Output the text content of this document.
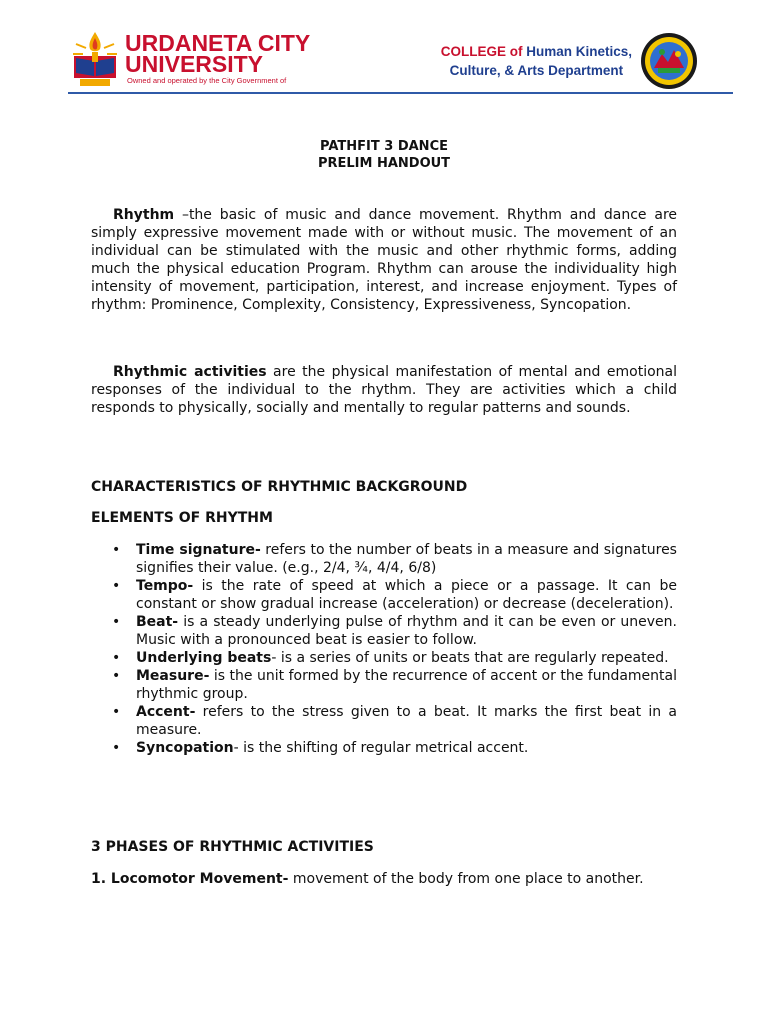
URDANETA CITY
UNIVERSITY
Owned and operated by the City Government of
COLLEGE of Human Kinetics,
Culture, & Arts Department
PATHFIT 3 DANCE
PRELIM HANDOUT

Rhythm –the basic of music and dance movement. Rhythm and dance are simply expressive movement made with or without music. The movement of an individual can be stimulated with the music and other rhythmic forms, adding much the physical education Program. Rhythm can arouse the individuality high intensity of movement, participation, interest, and increase enjoyment. Types of rhythm: Prominence, Complexity, Consistency, Expressiveness, Syncopation.

Rhythmic activities are the physical manifestation of mental and emotional responses of the individual to the rhythm. They are activities which a child responds to physically, socially and mentally to regular patterns and sounds.

CHARACTERISTICS OF RHYTHMIC BACKGROUND

ELEMENTS OF RHYTHM

• Time signature- refers to the number of beats in a measure and signatures signifies their value. (e.g., 2/4, ¾, 4/4, 6/8)
• Tempo- is the rate of speed at which a piece or a passage. It can be constant or show gradual increase (acceleration) or decrease (deceleration).
• Beat- is a steady underlying pulse of rhythm and it can be even or uneven. Music with a pronounced beat is easier to follow.
• Underlying beats- is a series of units or beats that are regularly repeated.
• Measure- is the unit formed by the recurrence of accent or the fundamental rhythmic group.
• Accent- refers to the stress given to a beat. It marks the first beat in a measure.
• Syncopation- is the shifting of regular metrical accent.

3 PHASES OF RHYTHMIC ACTIVITIES

1. Locomotor Movement- movement of the body from one place to another.
